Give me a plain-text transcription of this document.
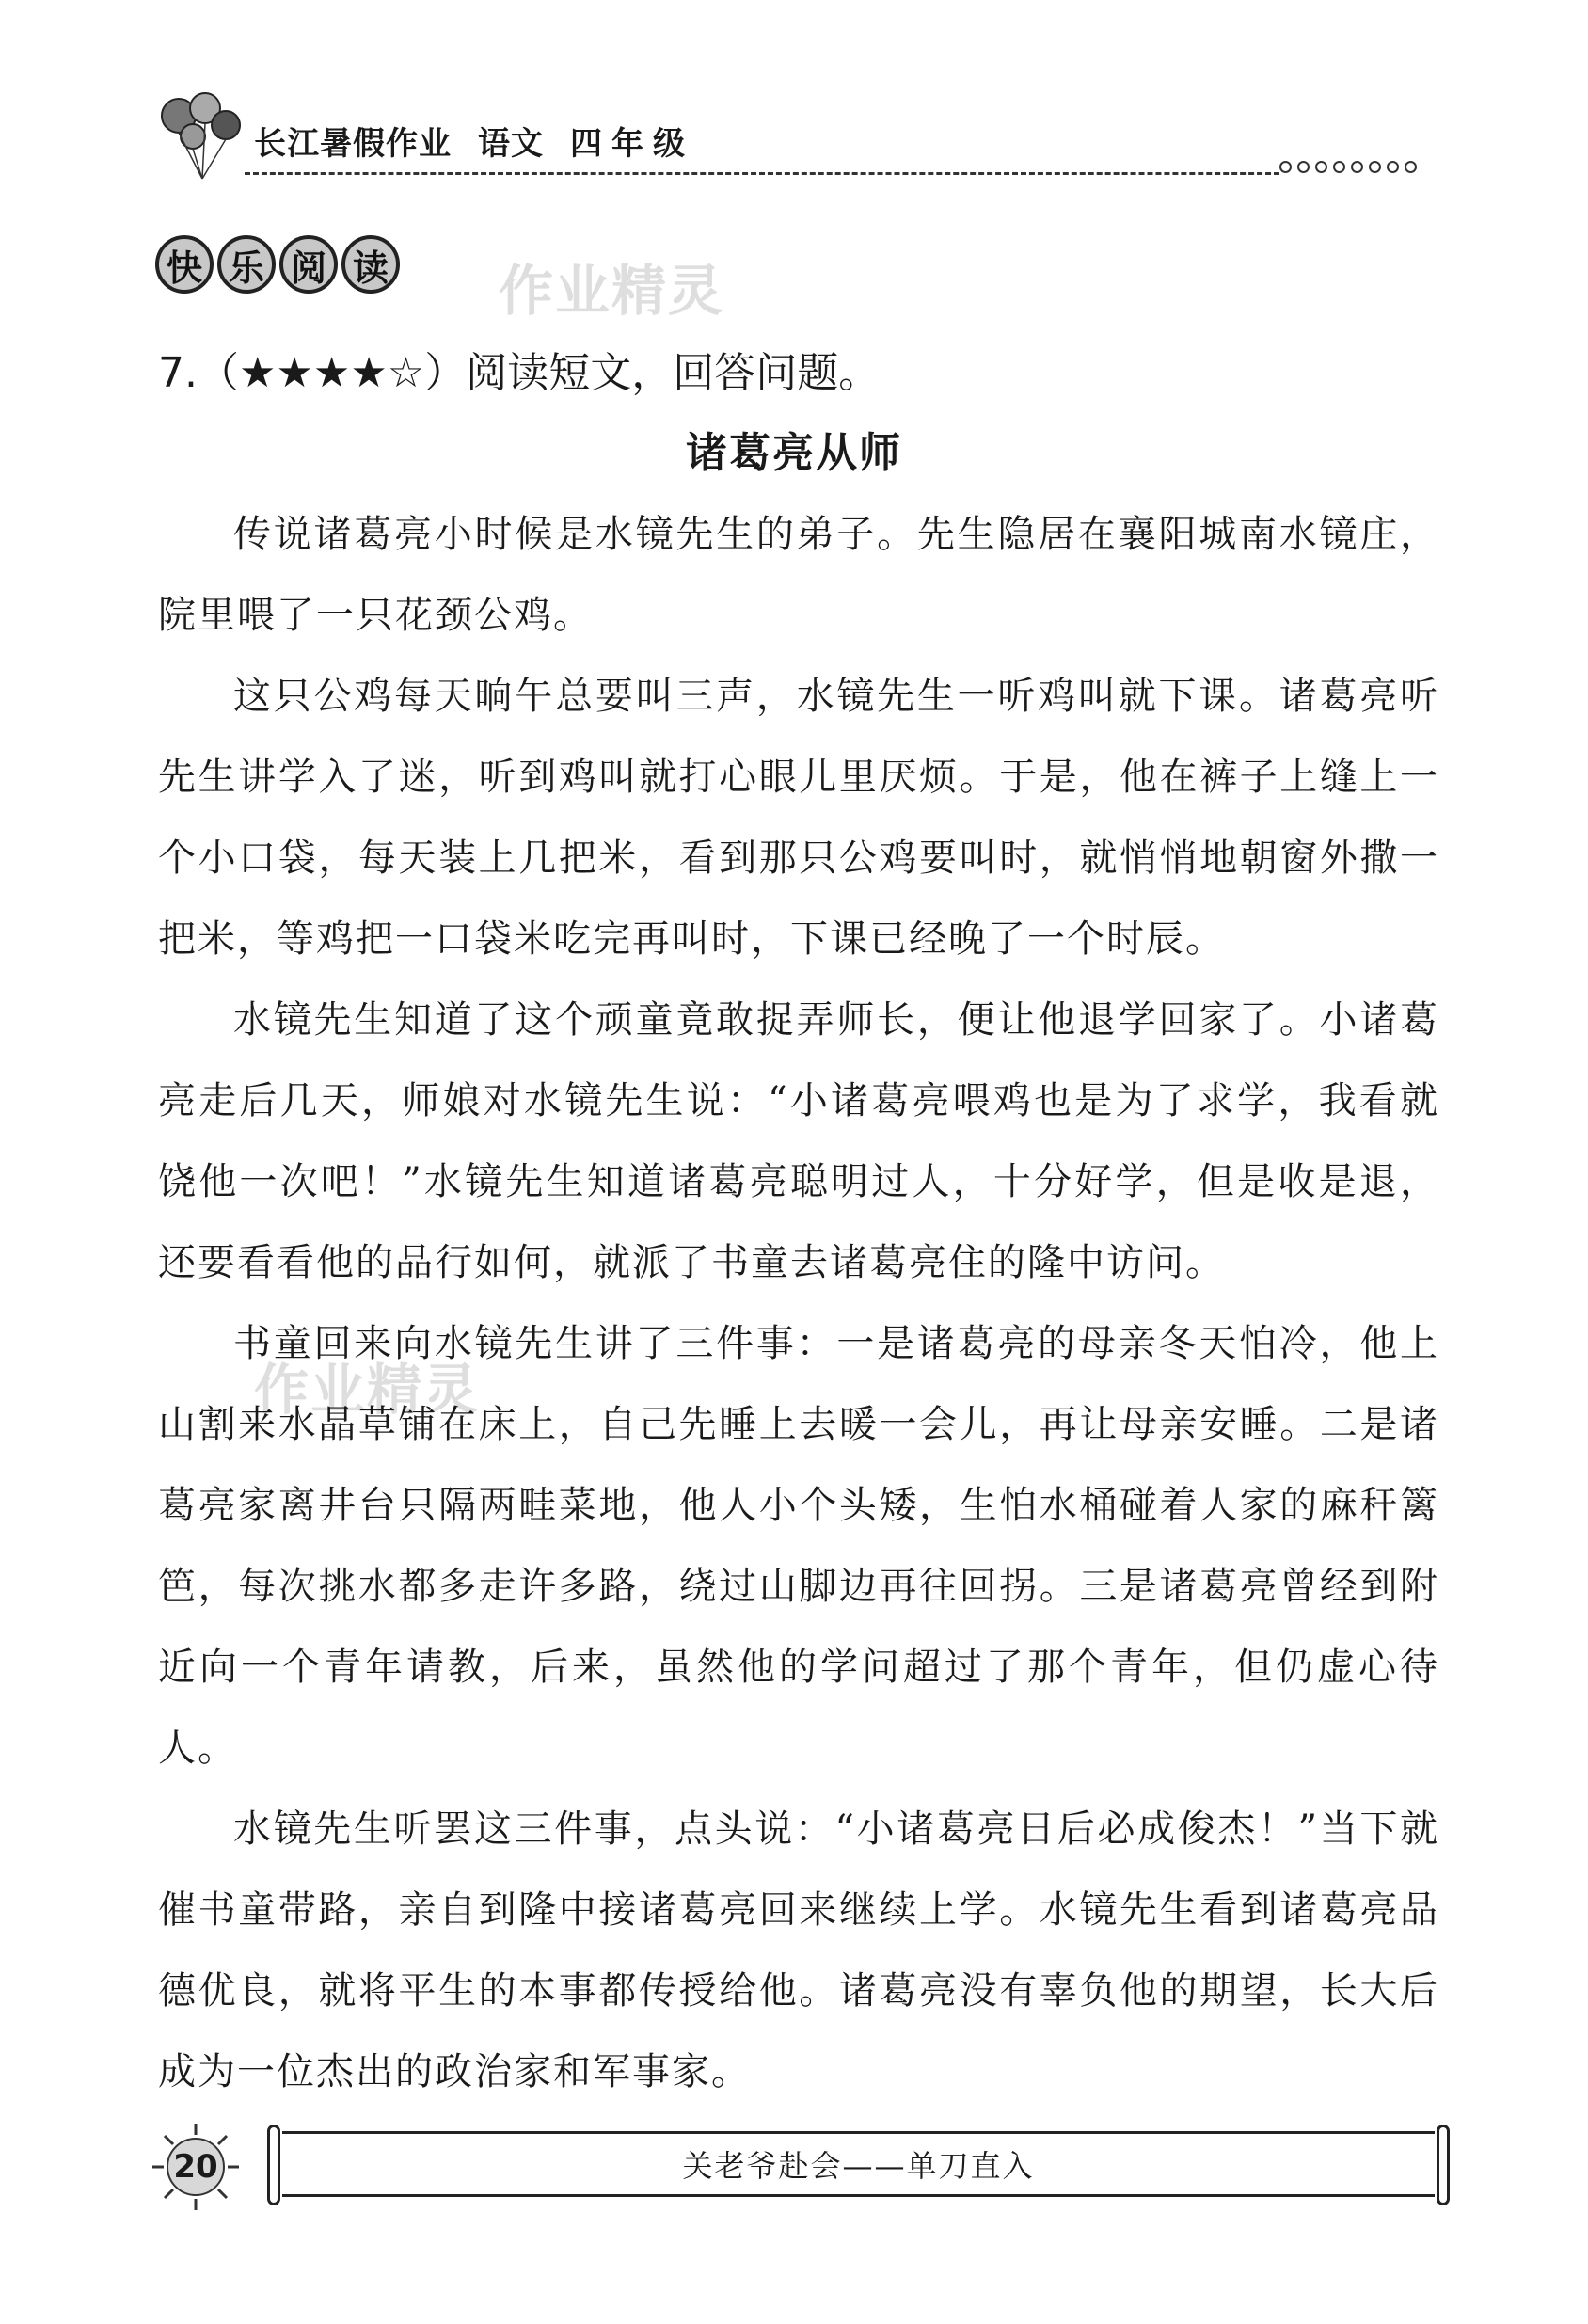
长江暑假作业 语文 四年级
快 乐 阅 读 作业精灵
作业精灵
7.（★★★★☆）阅读短文，回答问题。
诸葛亮从师

传说诸葛亮小时候是水镜先生的弟子。先生隐居在襄阳城南水镜庄，院里喂了一只花颈公鸡。

这只公鸡每天晌午总要叫三声，水镜先生一听鸡叫就下课。诸葛亮听先生讲学入了迷，听到鸡叫就打心眼儿里厌烦。于是，他在裤子上缝上一个小口袋，每天装上几把米，看到那只公鸡要叫时，就悄悄地朝窗外撒一把米，等鸡把一口袋米吃完再叫时，下课已经晚了一个时辰。

水镜先生知道了这个顽童竟敢捉弄师长，便让他退学回家了。小诸葛亮走后几天，师娘对水镜先生说：“小诸葛亮喂鸡也是为了求学，我看就饶他一次吧！”水镜先生知道诸葛亮聪明过人，十分好学，但是收是退，还要看看他的品行如何，就派了书童去诸葛亮住的隆中访问。

书童回来向水镜先生讲了三件事：一是诸葛亮的母亲冬天怕冷，他上山割来水晶草铺在床上，自己先睡上去暖一会儿，再让母亲安睡。二是诸葛亮家离井台只隔两畦菜地，他人小个头矮，生怕水桶碰着人家的麻秆篱笆，每次挑水都多走许多路，绕过山脚边再往回拐。三是诸葛亮曾经到附近向一个青年请教，后来，虽然他的学问超过了那个青年，但仍虚心待人。

水镜先生听罢这三件事，点头说：“小诸葛亮日后必成俊杰！”当下就催书童带路，亲自到隆中接诸葛亮回来继续上学。水镜先生看到诸葛亮品德优良，就将平生的本事都传授给他。诸葛亮没有辜负他的期望，长大后成为一位杰出的政治家和军事家。

20	关老爷赴会——单刀直入
